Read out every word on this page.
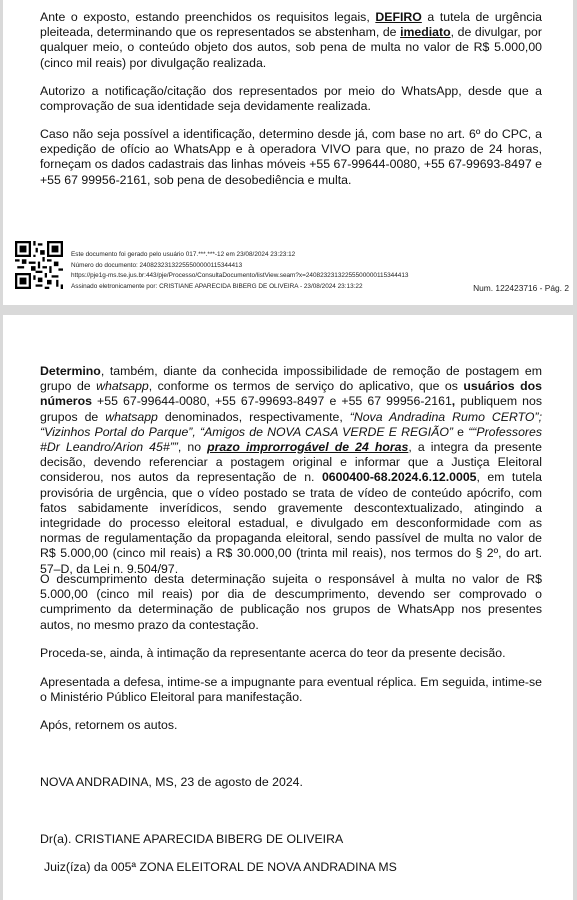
Ante o exposto, estando preenchidos os requisitos legais, DEFIRO a tutela de urgência pleiteada, determinando que os representados se abstenham, de imediato, de divulgar, por qualquer meio, o conteúdo objeto dos autos, sob pena de multa no valor de R$ 5.000,00 (cinco mil reais) por divulgação realizada.

Autorizo a notificação/citação dos representados por meio do WhatsApp, desde que a comprovação de sua identidade seja devidamente realizada.

Caso não seja possível a identificação, determino desde já, com base no art. 6º do CPC, a expedição de ofício ao WhatsApp e à operadora VIVO para que, no prazo de 24 horas, forneçam os dados cadastrais das linhas móveis +55 67-99644-0080, +55 67-99693-8497 e +55 67 99956-2161, sob pena de desobediência e multa.

Este documento foi gerado pelo usuário 017.***.***-12 em 23/08/2024 23:23:12
Número do documento: 24082323132255500000115344413
https://pje1g-ms.tse.jus.br:443/pje/Processo/ConsultaDocumento/listView.seam?x=24082323132255500000115344413
Assinado eletronicamente por: CRISTIANE APARECIDA BIBERG DE OLIVEIRA - 23/08/2024 23:13:22	Num. 122423716 - Pág. 2

Determino, também, diante da conhecida impossibilidade de remoção de postagem em grupo de whatsapp, conforme os termos de serviço do aplicativo, que os usuários dos números +55 67-99644-0080, +55 67-99693-8497 e +55 67 99956-2161, publiquem nos grupos de whatsapp denominados, respectivamente, “Nova Andradina Rumo CERTO”; “Vizinhos Portal do Parque”, “Amigos de NOVA CASA VERDE E REGIÃO” e ““Professores #Dr Leandro/Arion 45#””, no prazo improrrogável de 24 horas, a integra da presente decisão, devendo referenciar a postagem original e informar que a Justiça Eleitoral considerou, nos autos da representação de n. 0600400-68.2024.6.12.0005, em tutela provisória de urgência, que o vídeo postado se trata de vídeo de conteúdo apócrifo, com fatos sabidamente inverídicos, sendo gravemente descontextualizado, atingindo a integridade do processo eleitoral estadual, e divulgado em desconformidade com as normas de regulamentação da propaganda eleitoral, sendo passível de multa no valor de R$ 5.000,00 (cinco mil reais) a R$ 30.000,00 (trinta mil reais), nos termos do § 2º, do art. 57–D, da Lei n. 9.504/97.

O descumprimento desta determinação sujeita o responsável à multa no valor de R$ 5.000,00 (cinco mil reais) por dia de descumprimento, devendo ser comprovado o cumprimento da determinação de publicação nos grupos de WhatsApp nos presentes autos, no mesmo prazo da contestação.

Proceda-se, ainda, à intimação da representante acerca do teor da presente decisão.

Apresentada a defesa, intime-se a impugnante para eventual réplica. Em seguida, intime-se o Ministério Público Eleitoral para manifestação.

Após, retornem os autos.

NOVA ANDRADINA, MS, 23 de agosto de 2024.

Dr(a). CRISTIANE APARECIDA BIBERG DE OLIVEIRA

Juiz(íza) da 005ª ZONA ELEITORAL DE NOVA ANDRADINA MS
